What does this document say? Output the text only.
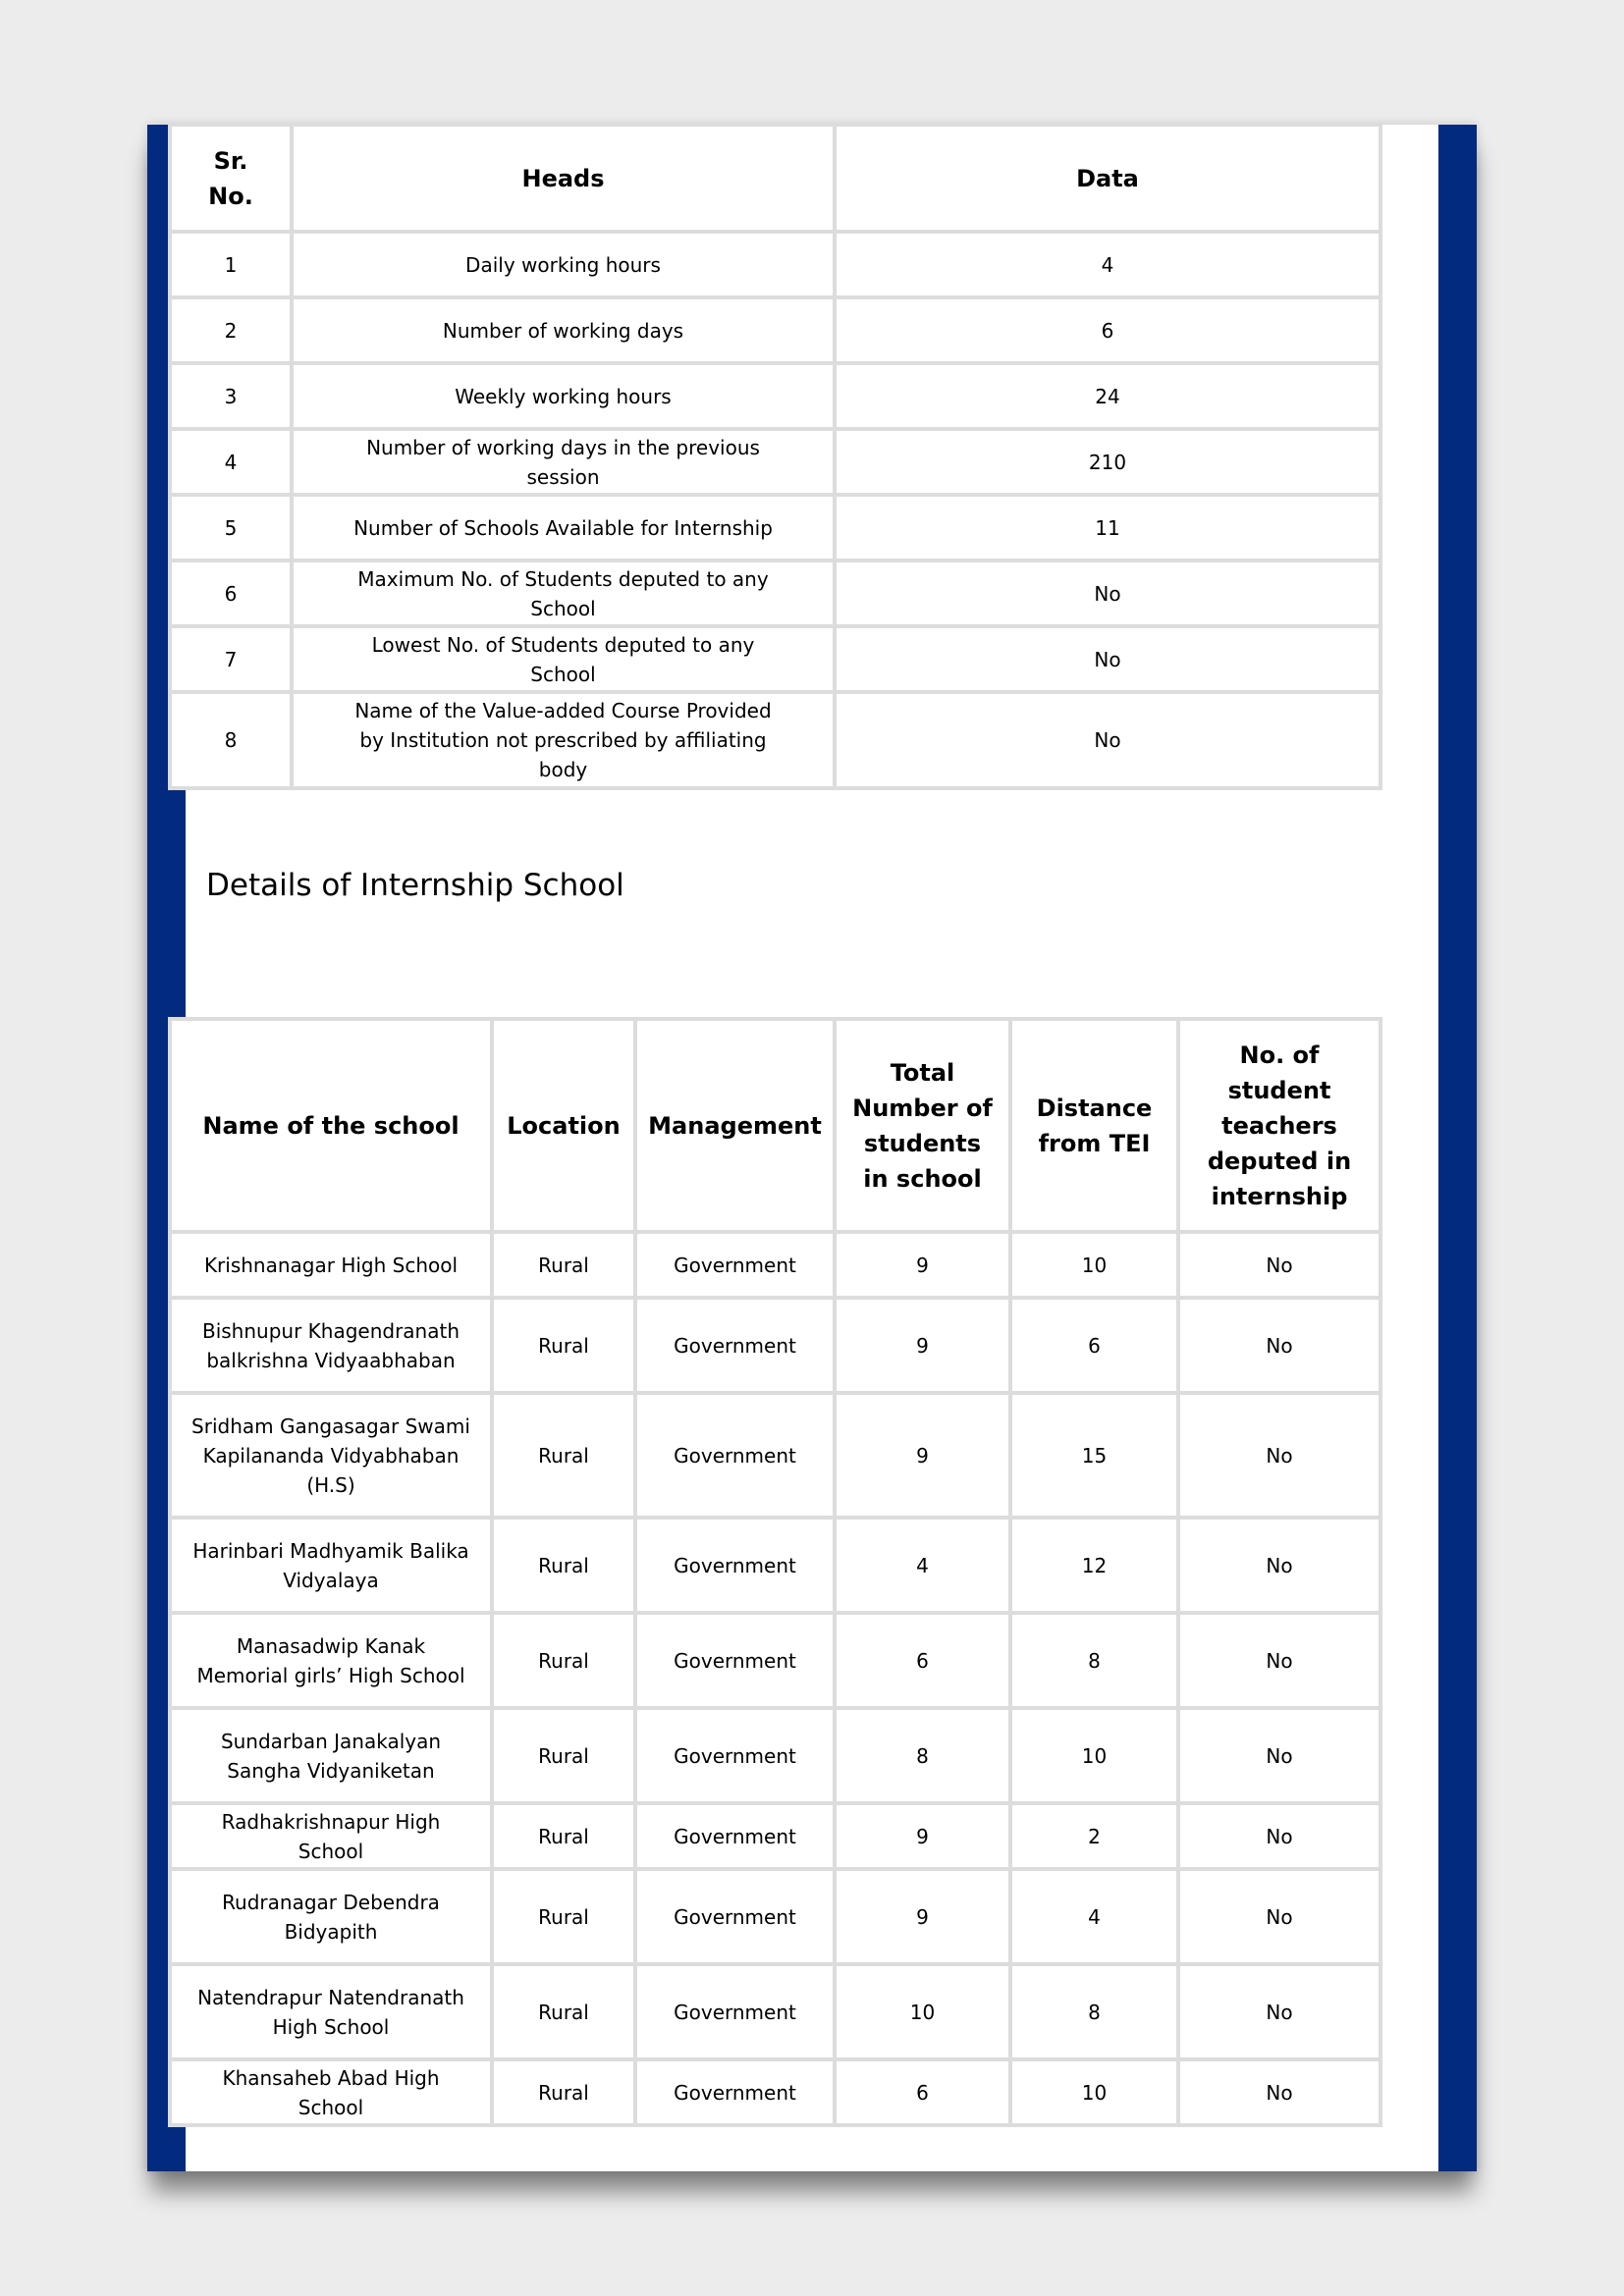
Sr. No.	Heads	Data
1	Daily working hours	4
2	Number of working days	6
3	Weekly working hours	24
4	Number of working days in the previous session	210
5	Number of Schools Available for Internship	11
6	Maximum No. of Students deputed to any School	No
7	Lowest No. of Students deputed to any School	No
8	Name of the Value-added Course Provided by Institution not prescribed by affiliating body	No
Details of Internship School
Name of the school	Location	Management	Total Number of students in school	Distance from TEI	No. of student teachers deputed in internship
Krishnanagar High School	Rural	Government	9	10	No
Bishnupur Khagendranath balkrishna Vidyaabhaban	Rural	Government	9	6	No
Sridham Gangasagar Swami Kapilananda Vidyabhaban (H.S)	Rural	Government	9	15	No
Harinbari Madhyamik Balika Vidyalaya	Rural	Government	4	12	No
Manasadwip Kanak Memorial girls’ High School	Rural	Government	6	8	No
Sundarban Janakalyan Sangha Vidyaniketan	Rural	Government	8	10	No
Radhakrishnapur High School	Rural	Government	9	2	No
Rudranagar Debendra Bidyapith	Rural	Government	9	4	No
Natendrapur Natendranath High School	Rural	Government	10	8	No
Khansaheb Abad High School	Rural	Government	6	10	No
